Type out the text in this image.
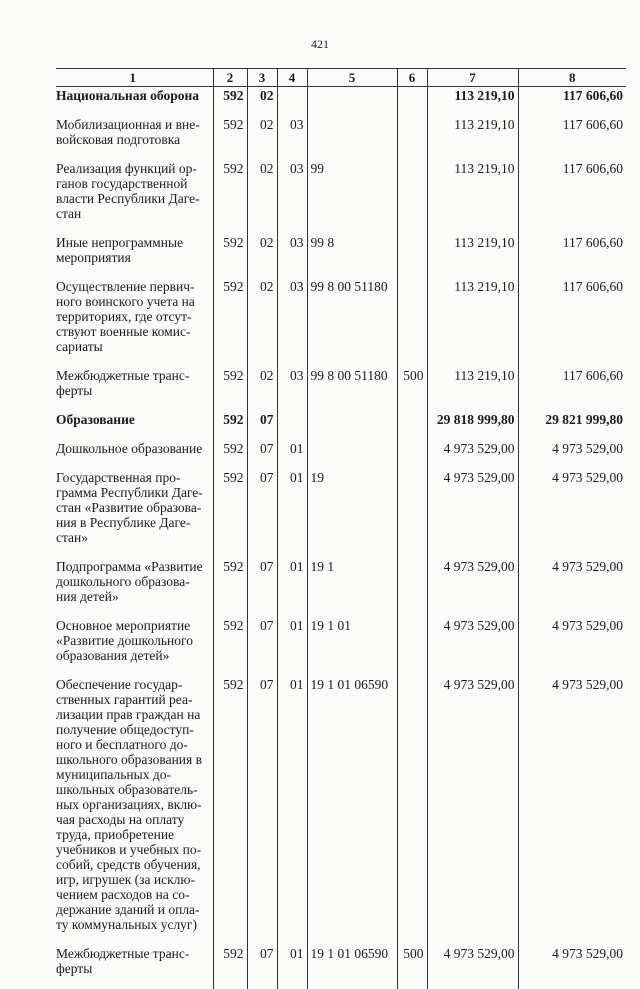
421
1	2	3	4	5	6	7	8
Национальная оборона	592	02				113 219,10	117 606,60
Мобилизационная и вне-войсковая подготовка	592	02	03			113 219,10	117 606,60
Реализация функций ор-ганов государственной власти Республики Даге-стан	592	02	03	99		113 219,10	117 606,60
Иные непрограммные мероприятия	592	02	03	99 8		113 219,10	117 606,60
Осуществление первич-ного воинского учета на территориях, где отсут-ствуют военные комис-сариаты	592	02	03	99 8 00 51180		113 219,10	117 606,60
Межбюджетные транс-ферты	592	02	03	99 8 00 51180	500	113 219,10	117 606,60
Образование	592	07				29 818 999,80	29 821 999,80
Дошкольное образование	592	07	01			4 973 529,00	4 973 529,00
Государственная про-грамма Республики Даге-стан «Развитие образова-ния в Республике Даге-стан»	592	07	01	19		4 973 529,00	4 973 529,00
Подпрограмма «Развитие дошкольного образова-ния детей»	592	07	01	19 1		4 973 529,00	4 973 529,00
Основное мероприятие «Развитие дошкольного образования детей»	592	07	01	19 1 01		4 973 529,00	4 973 529,00
Обеспечение государ-ственных гарантий реа-лизации прав граждан на получение общедоступ-ного и бесплатного до-школьного образования в муниципальных до-школьных образователь-ных организациях, вклю-чая расходы на оплату труда, приобретение учебников и учебных по-собий, средств обучения, игр, игрушек (за исклю-чением расходов на со-держание зданий и опла-ту коммунальных услуг)	592	07	01	19 1 01 06590		4 973 529,00	4 973 529,00
Межбюджетные транс-ферты	592	07	01	19 1 01 06590	500	4 973 529,00	4 973 529,00
